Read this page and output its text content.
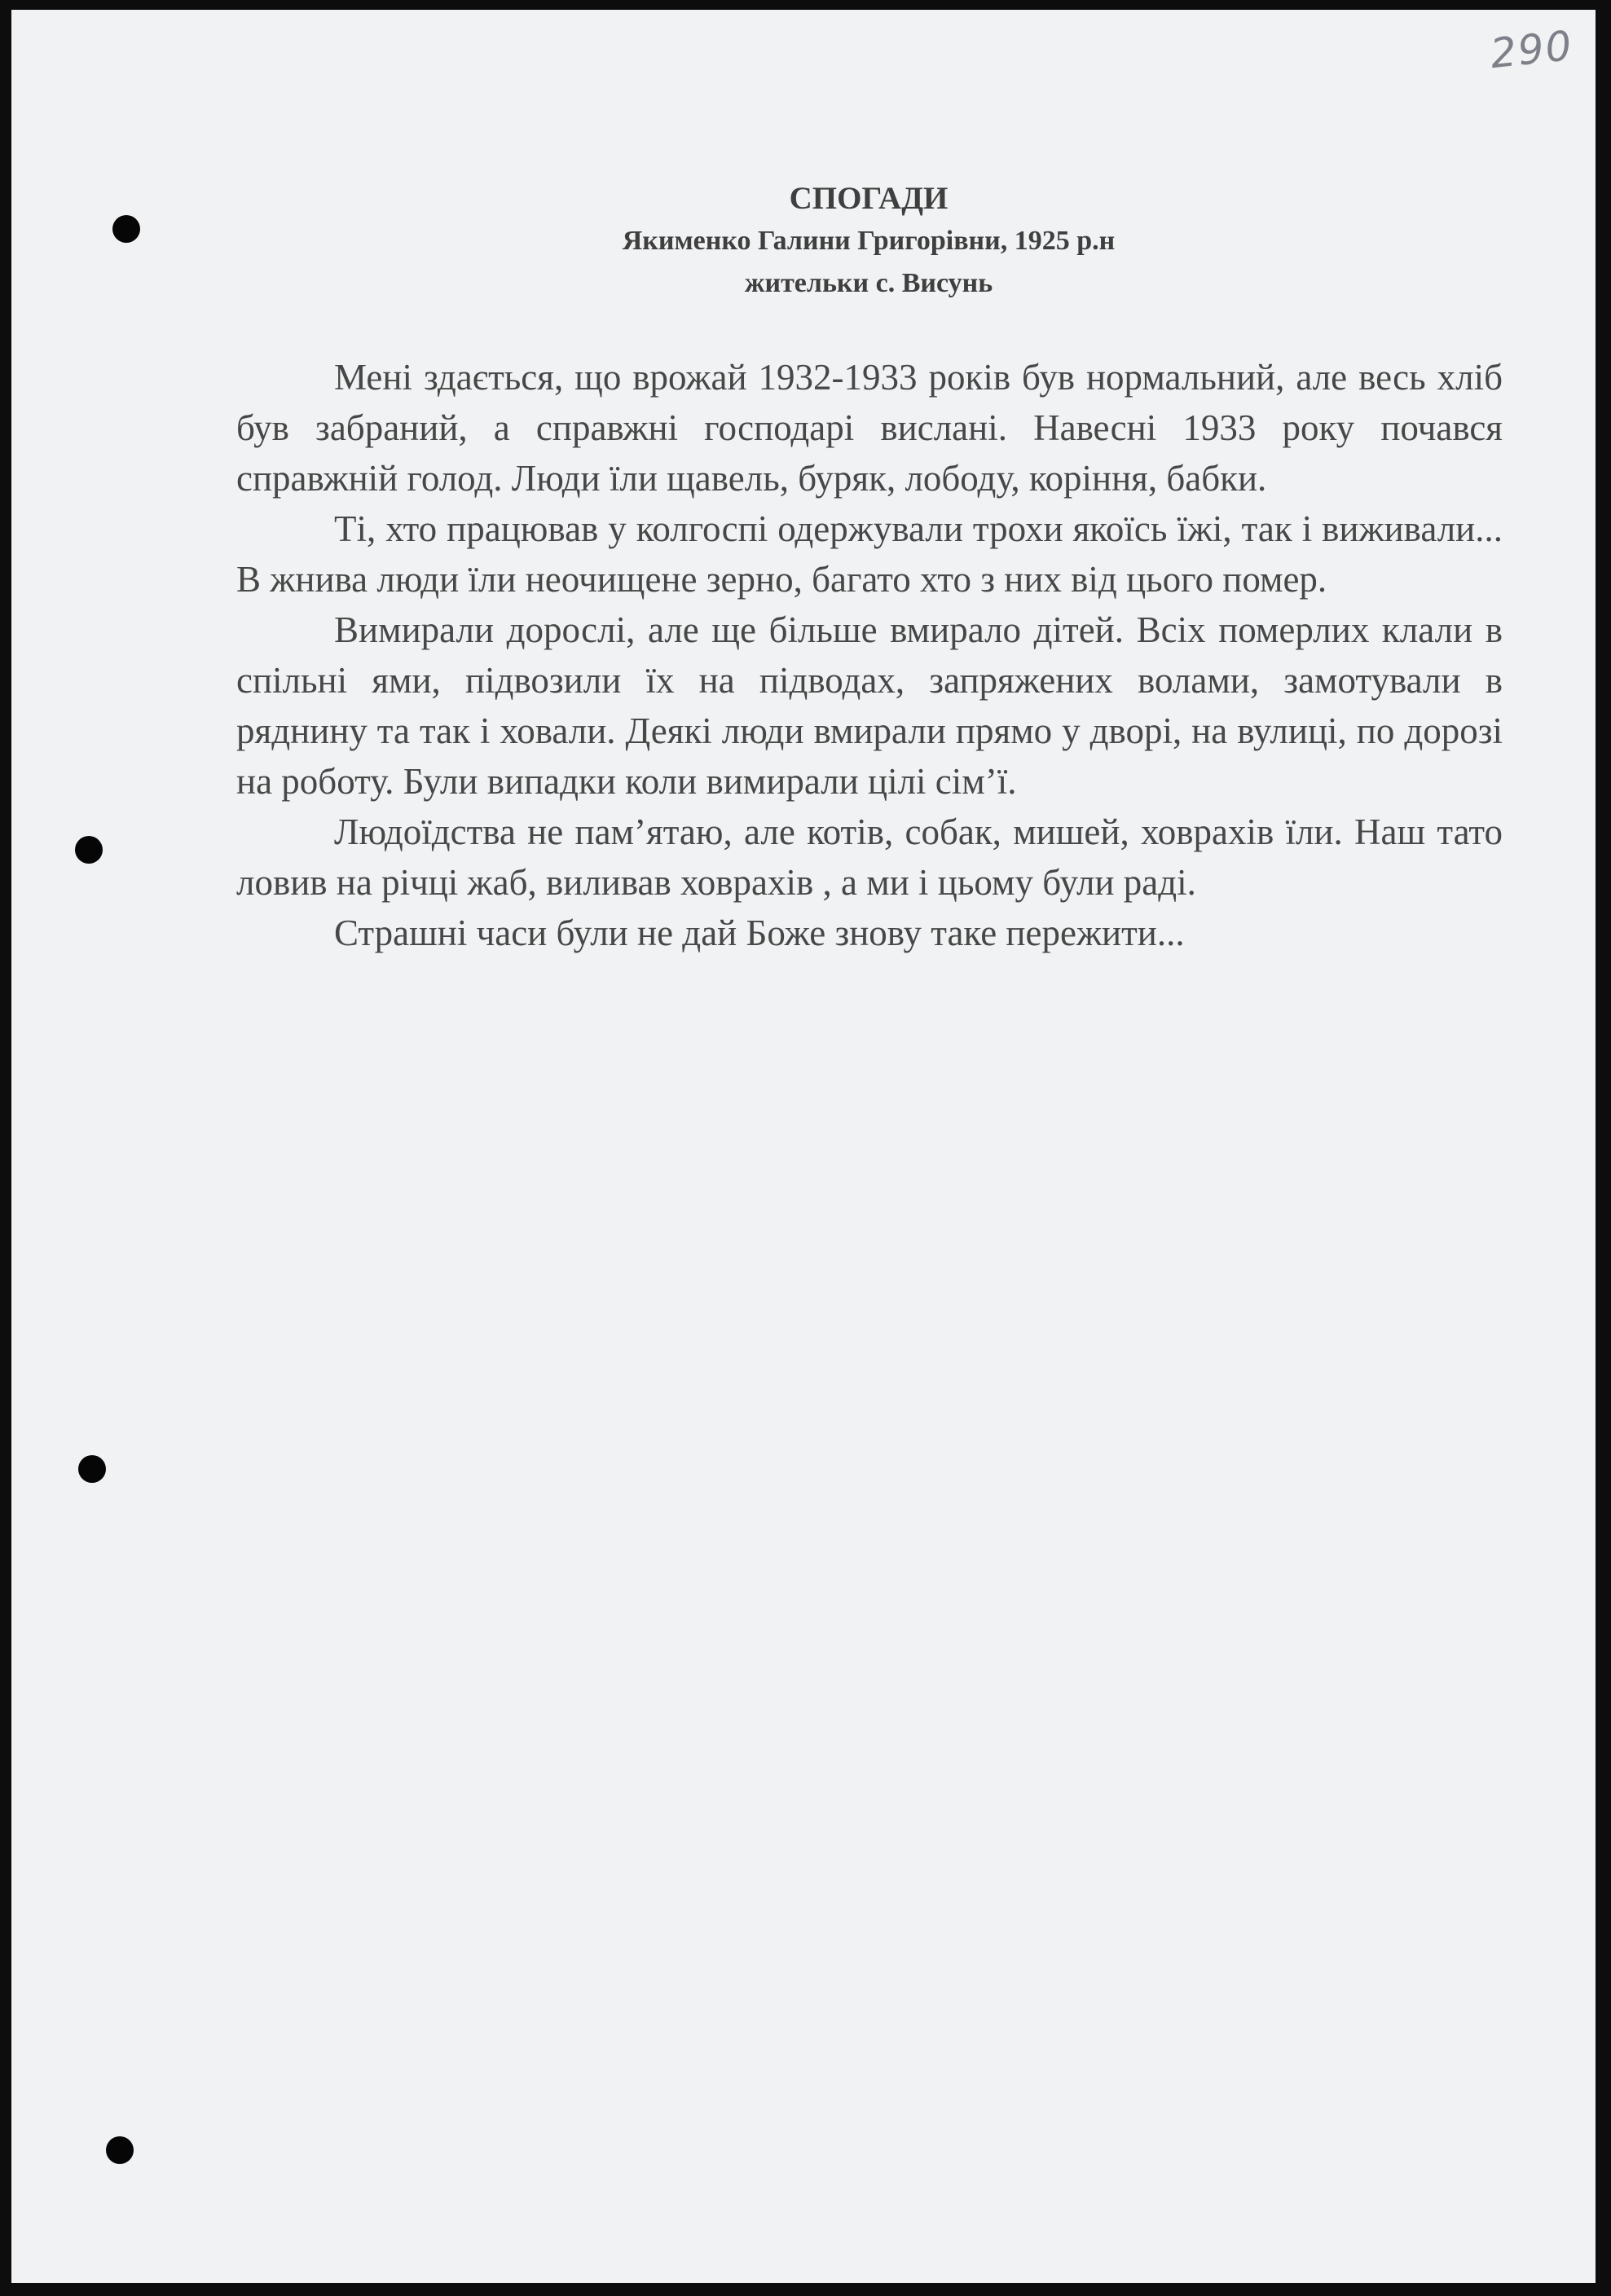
290
СПОГАДИ
Якименко Галини Григорівни, 1925 р.н
жительки с. Висунь

Мені здається, що врожай 1932-1933 років був нормальний, але весь хліб був забраний, а справжні господарі вислані. Навесні 1933 року почався справжній голод. Люди їли щавель, буряк, лободу, коріння, бабки.

Ті, хто працював у колгоспі одержували трохи якоїсь їжі, так і виживали... В жнива люди їли неочищене зерно, багато хто з них від цього помер.

Вимирали дорослі, але ще більше вмирало дітей. Всіх померлих клали в спільні ями, підвозили їх на підводах, запряжених волами, замотували в ряднину та так і ховали. Деякі люди вмирали прямо у дворі, на вулиці, по дорозі на роботу. Були випадки коли вимирали цілі сім’ї.

Людоїдства не пам’ятаю, але котів, собак, мишей, ховрахів їли. Наш тато ловив на річці жаб, виливав ховрахів , а ми і цьому були раді.

Страшні часи були не дай Боже знову таке пережити...
